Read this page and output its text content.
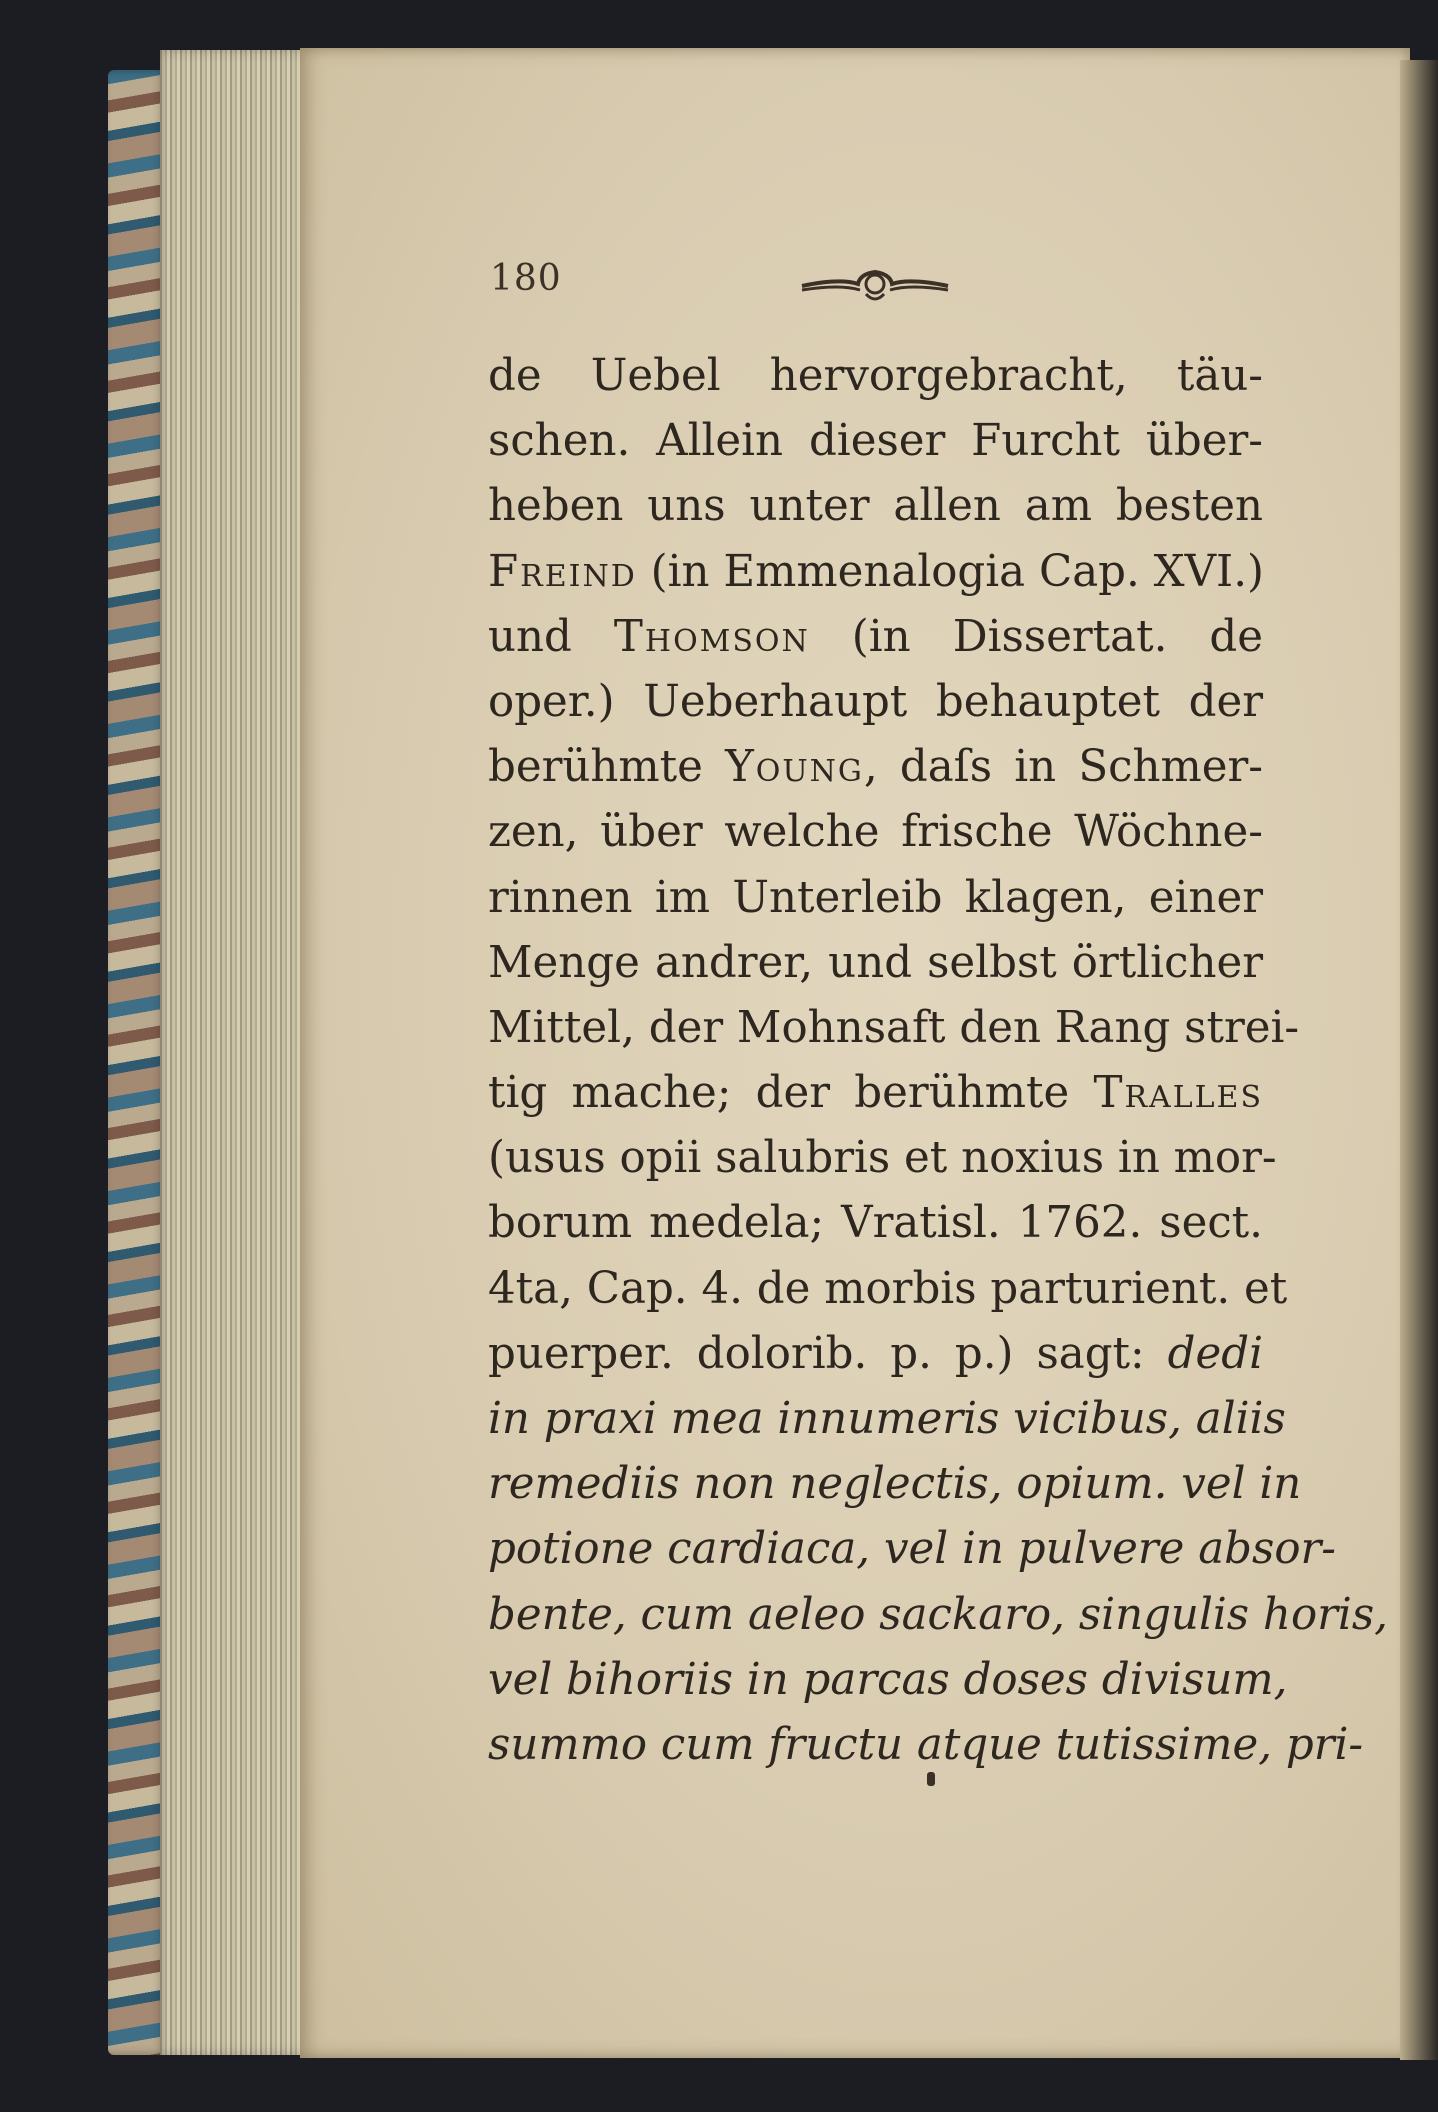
180
de Uebel hervorgebracht, täu-
schen. Allein dieser Furcht über-
heben uns unter allen am besten
Freind (in Emmenalogia Cap. XVI.)
und Thomson (in Dissertat. de
oper.) Ueberhaupt behauptet der
berühmte Young, daſs in Schmer-
zen, über welche frische Wöchne-
rinnen im Unterleib klagen, einer
Menge andrer, und selbst örtlicher
Mittel, der Mohnsaft den Rang strei-
tig mache; der berühmte Tralles
(usus opii salubris et noxius in mor-
borum medela; Vratisl. 1762. sect.
4ta, Cap. 4. de morbis parturient. et
puerper. dolorib. p. p.) sagt: dedi
in praxi mea innumeris vicibus, aliis
remediis non neglectis, opium. vel in
potione cardiaca, vel in pulvere absor-
bente, cum aeleo sackaro, singulis horis,
vel bihoriis in parcas doses divisum,
summo cum fructu atque tutissime, pri-
